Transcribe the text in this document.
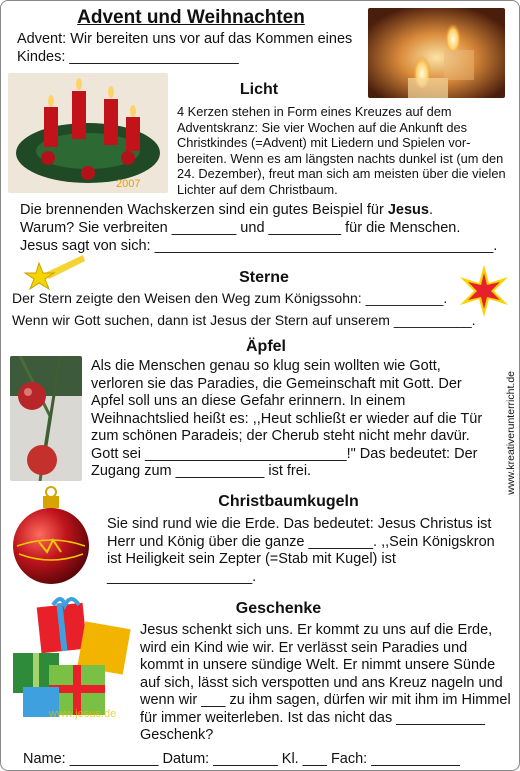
Advent und Weihnachten
Advent: Wir bereiten uns vor auf das Kommen eines Kindes: _____________________
2007
Licht
4 Kerzen stehen in Form eines Kreuzes auf dem Adventskranz: Sie vier Wochen auf die Ankunft des Christkindes (=Advent) mit Liedern und Spielen vor-bereiten. Wenn es am längsten nachts dunkel ist (um den 24. Dezember), freut man sich am meisten über die vielen Lichter auf dem Christbaum.
Die brennenden Wachskerzen sind ein gutes Beispiel für Jesus.
Warum? Sie verbreiten ________ und _________ für die Menschen.
Jesus sagt von sich: __________________________________________.
Sterne
Der Stern zeigte den Weisen den Weg zum Königssohn: __________.
Wenn wir Gott suchen, dann ist Jesus der Stern auf unserem __________.
Äpfel
Als die Menschen genau so klug sein wollten wie Gott, verloren sie das Paradies, die Gemeinschaft mit Gott. Der Apfel soll uns an diese Gefahr erinnern. In einem Weihnachtslied heißt es: ,,Heut schließt er wieder auf die Tür zum schönen Paradeis; der Cherub steht nicht mehr davür. Gott sei _________________________!" Das bedeutet: Der Zugang zum ___________ ist frei.
Christbaumkugeln
Sie sind rund wie die Erde. Das bedeutet: Jesus Christus ist Herr und König über die ganze ________. ,,Sein Königskron ist Heiligkeit sein Zepter (=Stab mit Kugel) ist __________________.
Geschenke
www.jesus.de
Jesus schenkt sich uns. Er kommt zu uns auf die Erde, wird ein Kind wie wir. Er verlässt sein Paradies und kommt in unsere sündige Welt. Er nimmt unsere Sünde auf sich, lässt sich verspotten und ans Kreuz nageln und wenn wir ___ zu ihm sagen, dürfen wir mit ihm im Himmel für immer weiterleben. Ist das nicht das ___________ Geschenk?
Name: ___________ Datum: ________ Kl. ___ Fach: ___________
www.kreativerunterricht.de
